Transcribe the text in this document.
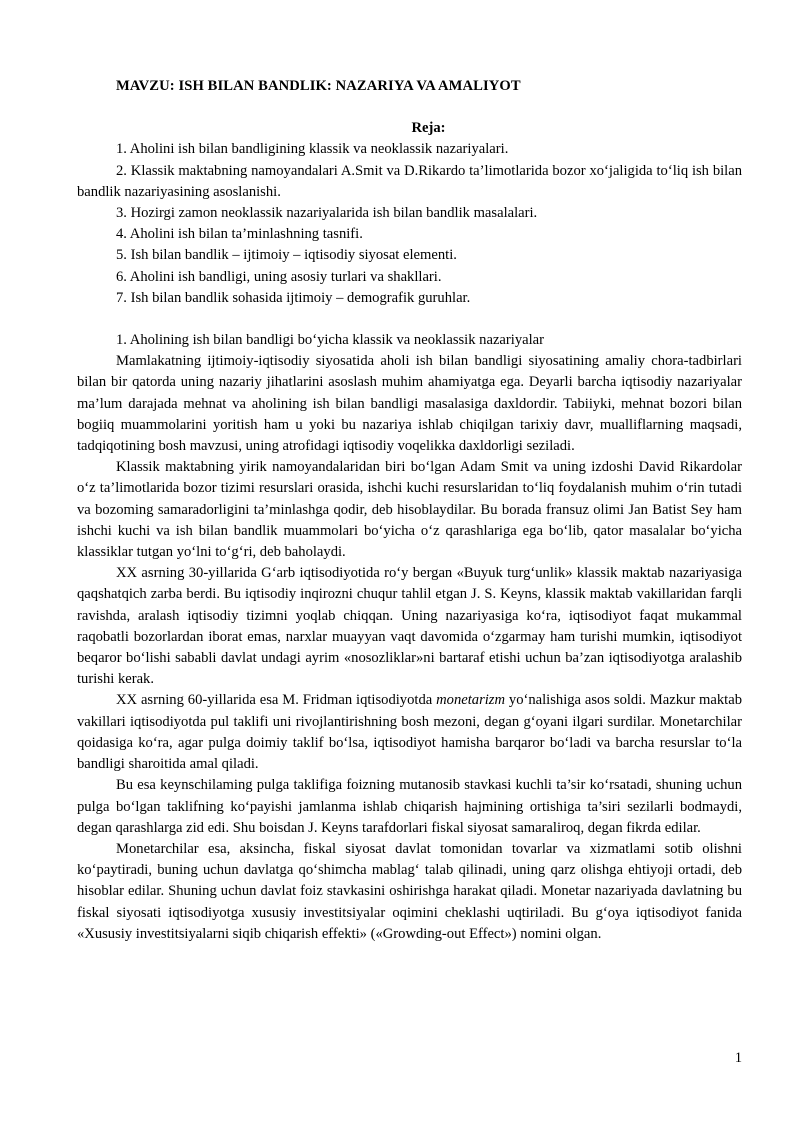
MAVZU: ISH BILAN BANDLIK: NAZARIYA VA AMALIYOT

Reja:

1. Aholini ish bilan bandligining klassik va neoklassik nazariyalari.
2. Klassik maktabning namoyandalari A.Smit va D.Rikardo ta’limotlarida bozor xo‘jaligida to‘liq ish bilan bandlik nazariyasining asoslanishi.
3. Hozirgi zamon neoklassik nazariyalarida ish bilan bandlik masalalari.
4. Aholini ish bilan ta’minlashning tasnifi.
5. Ish bilan bandlik – ijtimoiy – iqtisodiy siyosat elementi.
6. Aholini ish bandligi, uning asosiy turlari va shakllari.
7. Ish bilan bandlik sohasida ijtimoiy – demografik guruhlar.

1. Aholining ish bilan bandligi bo‘yicha klassik va neoklassik nazariyalar

Mamlakatning ijtimoiy-iqtisodiy siyosatida aholi ish bilan bandligi siyosatining amaliy chora-tadbirlari bilan bir qatorda uning nazariy jihatlarini asoslash muhim ahamiyatga ega. Deyarli barcha iqtisodiy nazariyalar ma’lum darajada mehnat va aholining ish bilan bandligi masalasiga daxldordir. Tabiiyki, mehnat bozori bilan bogiiq muammolarini yoritish ham u yoki bu nazariya ishlab chiqilgan tarixiy davr, mualliflarning maqsadi, tadqiqotining bosh mavzusi, uning atrofidagi iqtisodiy voqelikka daxldorligi seziladi.

Klassik maktabning yirik namoyandalaridan biri bo‘lgan Adam Smit va uning izdoshi David Rikardolar o‘z ta’limotlarida bozor tizimi resurslari orasida, ishchi kuchi resurslaridan to‘liq foydalanish muhim o‘rin tutadi va bozoming samaradorligini ta’minlashga qodir, deb hisoblaydilar. Bu borada fransuz olimi Jan Batist Sey ham ishchi kuchi va ish bilan bandlik muammolari bo‘yicha o‘z qarashlariga ega bo‘lib, qator masalalar bo‘yicha klassiklar tutgan yo‘lni to‘g‘ri, deb baholaydi.

XX asrning 30-yillarida G‘arb iqtisodiyotida ro‘y bergan «Buyuk turg‘unlik» klassik maktab nazariyasiga qaqshatqich zarba berdi. Bu iqtisodiy inqirozni chuqur tahlil etgan J. S. Keyns, klassik maktab vakillaridan farqli ravishda, aralash iqtisodiy tizimni yoqlab chiqqan. Uning nazariyasiga ko‘ra, iqtisodiyot faqat mukammal raqobatli bozorlardan iborat emas, narxlar muayyan vaqt davomida o‘zgarmay ham turishi mumkin, iqtisodiyot beqaror bo‘lishi sababli davlat undagi ayrim «nosozliklar»ni bartaraf etishi uchun ba’zan iqtisodiyotga aralashib turishi kerak.

XX asrning 60-yillarida esa M. Fridman iqtisodiyotda monetarizm yo‘nalishiga asos soldi. Mazkur maktab vakillari iqtisodiyotda pul taklifi uni rivojlantirishning bosh mezoni, degan g‘oyani ilgari surdilar. Monetarchilar qoidasiga ko‘ra, agar pulga doimiy taklif bo‘lsa, iqtisodiyot hamisha barqaror bo‘ladi va barcha resurslar to‘la bandligi sharoitida amal qiladi.

Bu esa keynschilaming pulga taklifiga foizning mutanosib stavkasi kuchli ta’sir ko‘rsatadi, shuning uchun pulga bo‘lgan taklifning ko‘payishi jamlanma ishlab chiqarish hajmining ortishiga ta’siri sezilarli bodmaydi, degan qarashlarga zid edi. Shu boisdan J. Keyns tarafdorlari fiskal siyosat samaraliroq, degan fikrda edilar.

Monetarchilar esa, aksincha, fiskal siyosat davlat tomonidan tovarlar va xizmatlami sotib olishni ko‘paytiradi, buning uchun davlatga qo‘shimcha mablag‘ talab qilinadi, uning qarz olishga ehtiyoji ortadi, deb hisoblar edilar. Shuning uchun davlat foiz stavkasini oshirishga harakat qiladi. Monetar nazariyada davlatning bu fiskal siyosati iqtisodiyotga xususiy investitsiyalar oqimini cheklashi uqtiriladi. Bu g‘oya iqtisodiyot fanida «Xususiy investitsiyalarni siqib chiqarish effekti» («Growding-out Effect») nomini olgan.

1
